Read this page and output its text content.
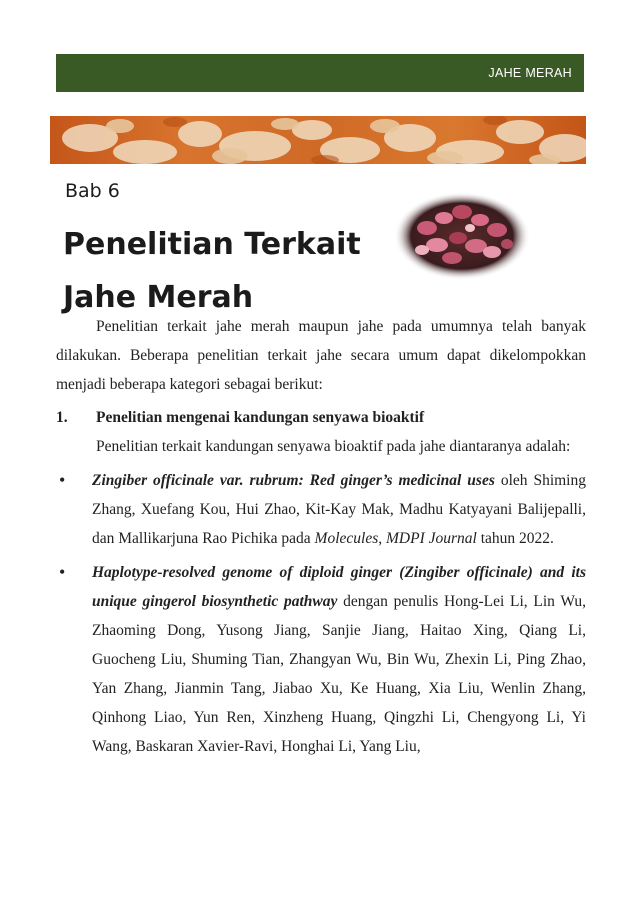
JAHE MERAH
Bab 6
Penelitian Terkait
Jahe Merah

Penelitian terkait jahe merah maupun jahe pada umumnya telah banyak dilakukan. Beberapa penelitian terkait jahe secara umum dapat dikelompokkan menjadi beberapa kategori sebagai berikut:

1.	Penelitian mengenai kandungan senyawa bioaktif

Penelitian terkait kandungan senyawa bioaktif pada jahe diantaranya adalah:

• Zingiber officinale var. rubrum: Red ginger’s medicinal uses oleh Shiming Zhang, Xuefang Kou, Hui Zhao, Kit-Kay Mak, Madhu Katyayani Balijepalli, dan Mallikarjuna Rao Pichika pada Molecules, MDPI Journal tahun 2022.
• Haplotype-resolved genome of diploid ginger (Zingiber officinale) and its unique gingerol biosynthetic pathway dengan penulis Hong-Lei Li, Lin Wu, Zhaoming Dong, Yusong Jiang, Sanjie Jiang, Haitao Xing, Qiang Li, Guocheng Liu, Shuming Tian, Zhangyan Wu, Bin Wu, Zhexin Li, Ping Zhao, Yan Zhang, Jianmin Tang, Jiabao Xu, Ke Huang, Xia Liu, Wenlin Zhang, Qinhong Liao, Yun Ren, Xinzheng Huang, Qingzhi Li, Chengyong Li, Yi Wang, Baskaran Xavier-Ravi, Honghai Li, Yang Liu,
